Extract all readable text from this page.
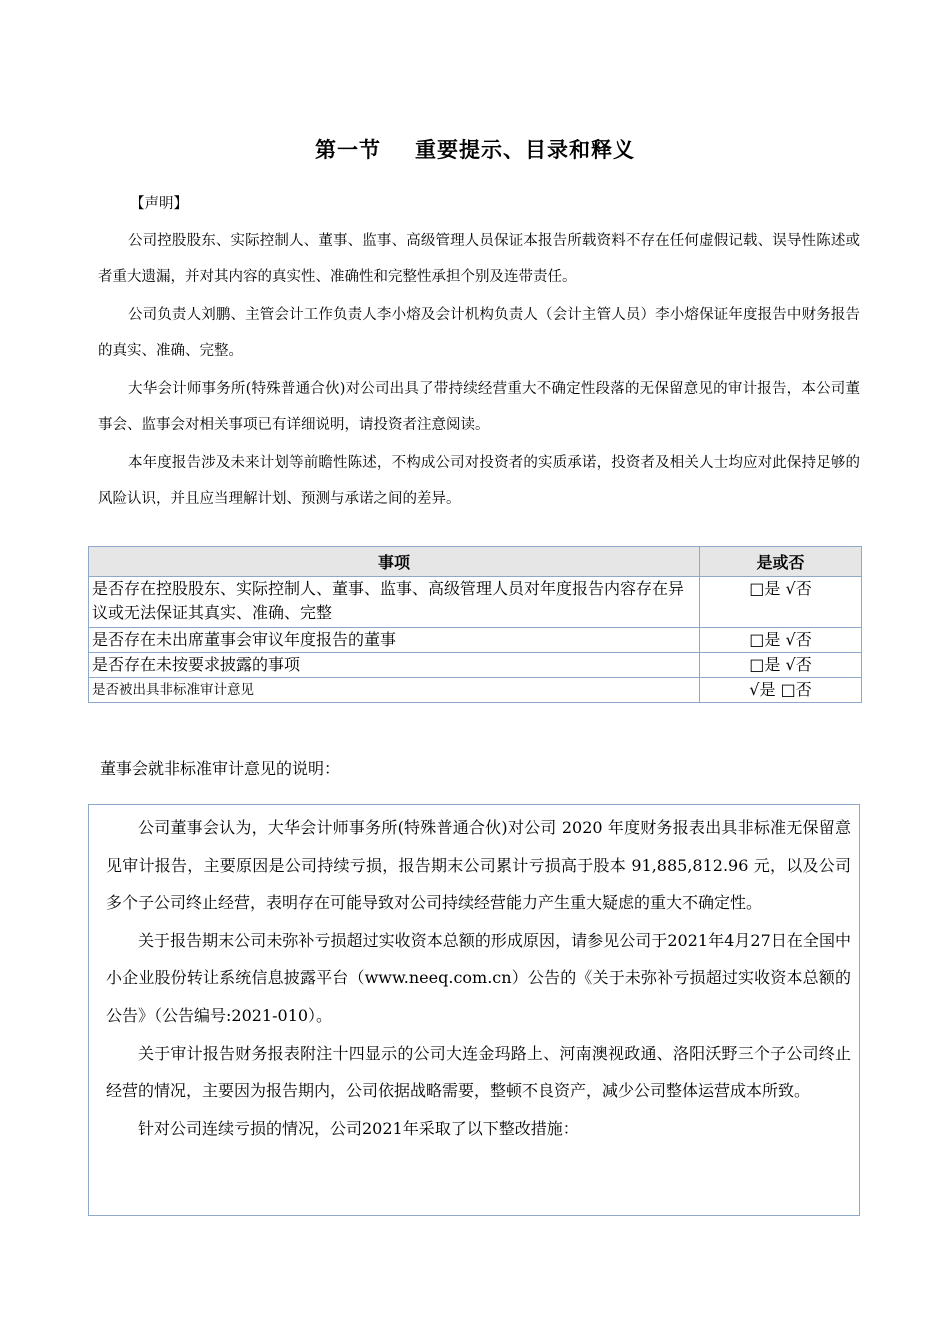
第一节 重要提示、目录和释义
【声明】
公司控股股东、实际控制人、董事、监事、高级管理人员保证本报告所载资料不存在任何虚假记载、误导性陈述或者重大遗漏，并对其内容的真实性、准确性和完整性承担个别及连带责任。
公司负责人刘鹏、主管会计工作负责人李小熔及会计机构负责人（会计主管人员）李小熔保证年度报告中财务报告的真实、准确、完整。
大华会计师事务所(特殊普通合伙)对公司出具了带持续经营重大不确定性段落的无保留意见的审计报告，本公司董事会、监事会对相关事项已有详细说明，请投资者注意阅读。
本年度报告涉及未来计划等前瞻性陈述，不构成公司对投资者的实质承诺，投资者及相关人士均应对此保持足够的风险认识，并且应当理解计划、预测与承诺之间的差异。
事项	是或否
是否存在控股股东、实际控制人、董事、监事、高级管理人员对年度报告内容存在异议或无法保证其真实、准确、完整	□是 √否
是否存在未出席董事会审议年度报告的董事	□是 √否
是否存在未按要求披露的事项	□是 √否
是否被出具非标准审计意见	√是 □否
董事会就非标准审计意见的说明：

公司董事会认为，大华会计师事务所(特殊普通合伙)对公司 2020 年度财务报表出具非标准无保留意见审计报告，主要原因是公司持续亏损，报告期末公司累计亏损高于股本 91,885,812.96 元，以及公司多个子公司终止经营，表明存在可能导致对公司持续经营能力产生重大疑虑的重大不确定性。

关于报告期末公司未弥补亏损超过实收资本总额的形成原因，请参见公司于2021年4月27日在全国中小企业股份转让系统信息披露平台（www.neeq.com.cn）公告的《关于未弥补亏损超过实收资本总额的公告》（公告编号:2021-010）。

关于审计报告财务报表附注十四显示的公司大连金玛路上、河南澳视政通、洛阳沃野三个子公司终止经营的情况，主要因为报告期内，公司依据战略需要，整顿不良资产，减少公司整体运营成本所致。

针对公司连续亏损的情况，公司2021年采取了以下整改措施：
